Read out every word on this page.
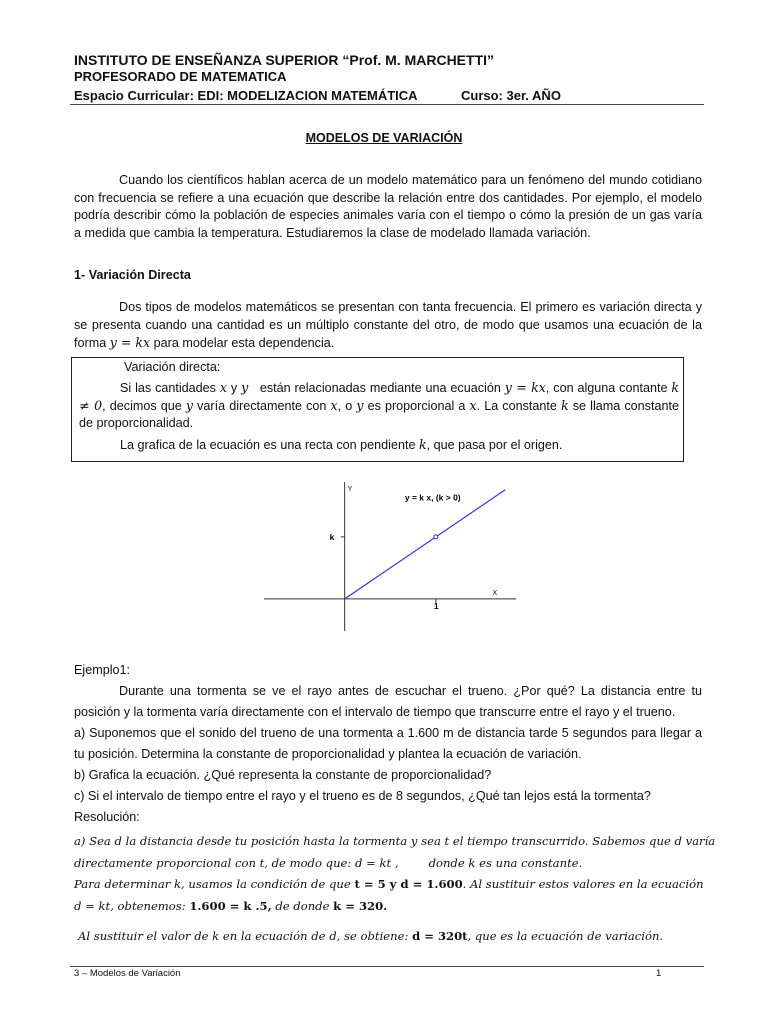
INSTITUTO DE ENSEÑANZA SUPERIOR “Prof. M. MARCHETTI”
PROFESORADO DE MATEMATICA
Espacio Curricular: EDI: MODELIZACION MATEMÁTICA	Curso: 3er. AÑO
MODELOS DE VARIACIÓN

Cuando los científicos hablan acerca de un modelo matemático para un fenómeno del mundo cotidiano con frecuencia se refiere a una ecuación que describe la relación entre dos cantidades. Por ejemplo, el modelo podría describir cómo la población de especies animales varía con el tiempo o cómo la presión de un gas varía a medida que cambia la temperatura. Estudiaremos la clase de modelado llamada variación.

1- Variación Directa

Dos tipos de modelos matemáticos se presentan con tanta frecuencia. El primero es variación directa y se presenta cuando una cantidad es un múltiplo constante del otro, de modo que usamos una ecuación de la forma y = kx para modelar esta dependencia.

Variación directa:
Si las cantidades x y y están relacionadas mediante una ecuación y = kx, con alguna contante k ≠ 0, decimos que y varía directamente con x, o y es proporcional a x. La constante k se llama constante de proporcionalidad.
La grafica de la ecuación es una recta con pendiente k, que pasa por el origen.
y = k x, (k > 0)
Y
X
k
1

Ejemplo1:

Durante una tormenta se ve el rayo antes de escuchar el trueno. ¿Por qué? La distancia entre tu posición y la tormenta varía directamente con el intervalo de tiempo que transcurre entre el rayo y el trueno.

a) Suponemos que el sonido del trueno de una tormenta a 1.600 m de distancia tarde 5 segundos para llegar a tu posición. Determina la constante de proporcionalidad y plantea la ecuación de variación.

b) Grafica la ecuación. ¿Qué representa la constante de proporcionalidad?

c) Si el intervalo de tiempo entre el rayo y el trueno es de 8 segundos, ¿Qué tan lejos está la tormenta?

Resolución:
a) Sea d la distancia desde tu posición hasta la tormenta y sea t el tiempo transcurrido. Sabemos que d varía
directamente proporcional con t, de modo que: d = kt ,	donde k es una constante.
Para determinar k, usamos la condición de que t = 5 y d = 1.600. Al sustituir estos valores en la ecuación
d = kt, obtenemos: 1.600 = k .5, de donde k = 320.
Al sustituir el valor de k en la ecuación de d, se obtiene: d = 320t, que es la ecuación de variación.
3 – Modelos de Variación	1
